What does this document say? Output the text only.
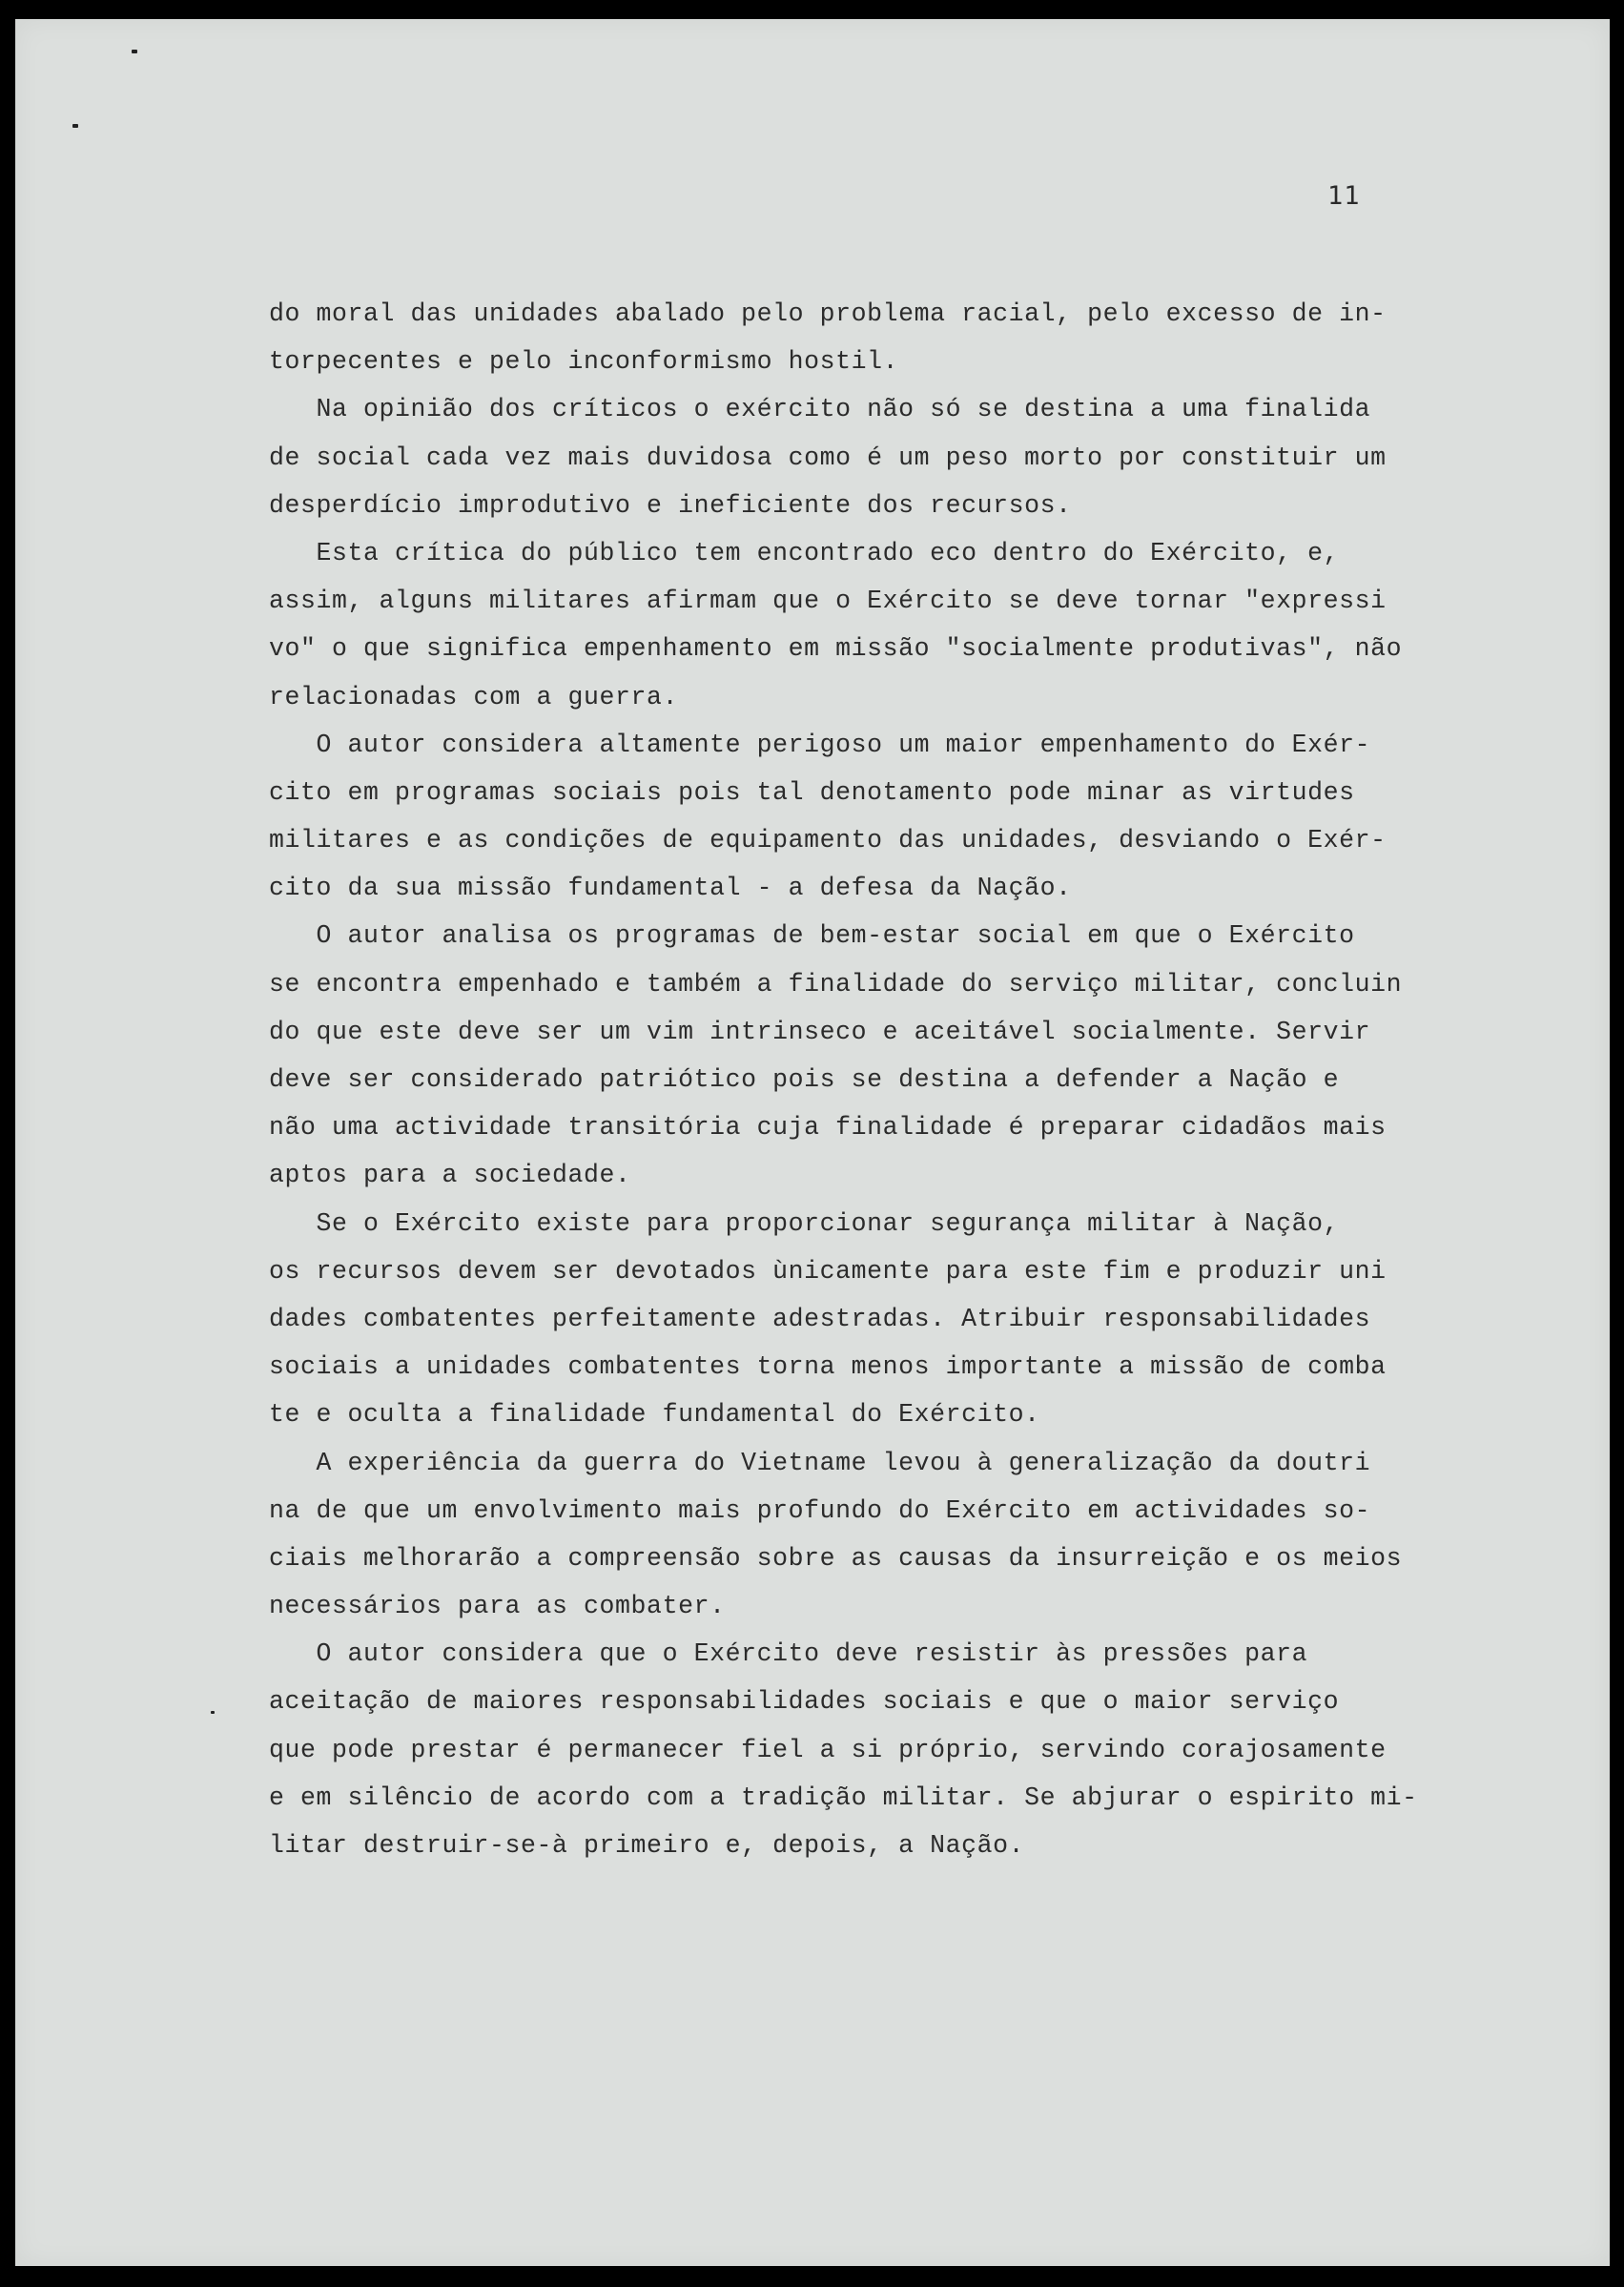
11
do moral das unidades abalado pelo problema racial, pelo excesso de in-
torpecentes e pelo inconformismo hostil.
Na opinião dos críticos o exército não só se destina a uma finalida
de social cada vez mais duvidosa como é um peso morto por constituir um
desperdício improdutivo e ineficiente dos recursos.
Esta crítica do público tem encontrado eco dentro do Exército, e,
assim, alguns militares afirmam que o Exército se deve tornar "expressi
vo" o que significa empenhamento em missão "socialmente produtivas", não
relacionadas com a guerra.
O autor considera altamente perigoso um maior empenhamento do Exér-
cito em programas sociais pois tal denotamento pode minar as virtudes
militares e as condições de equipamento das unidades, desviando o Exér-
cito da sua missão fundamental - a defesa da Nação.
O autor analisa os programas de bem-estar social em que o Exército
se encontra empenhado e também a finalidade do serviço militar, concluin
do que este deve ser um vim intrinseco e aceitável socialmente. Servir
deve ser considerado patriótico pois se destina a defender a Nação e
não uma actividade transitória cuja finalidade é preparar cidadãos mais
aptos para a sociedade.
Se o Exército existe para proporcionar segurança militar à Nação,
os recursos devem ser devotados ùnicamente para este fim e produzir uni
dades combatentes perfeitamente adestradas. Atribuir responsabilidades
sociais a unidades combatentes torna menos importante a missão de comba
te e oculta a finalidade fundamental do Exército.
A experiência da guerra do Vietname levou à generalização da doutri
na de que um envolvimento mais profundo do Exército em actividades so-
ciais melhorarão a compreensão sobre as causas da insurreição e os meios
necessários para as combater.
O autor considera que o Exército deve resistir às pressões para
aceitação de maiores responsabilidades sociais e que o maior serviço
que pode prestar é permanecer fiel a si próprio, servindo corajosamente
e em silêncio de acordo com a tradição militar. Se abjurar o espirito mi-
litar destruir-se-à primeiro e, depois, a Nação.
